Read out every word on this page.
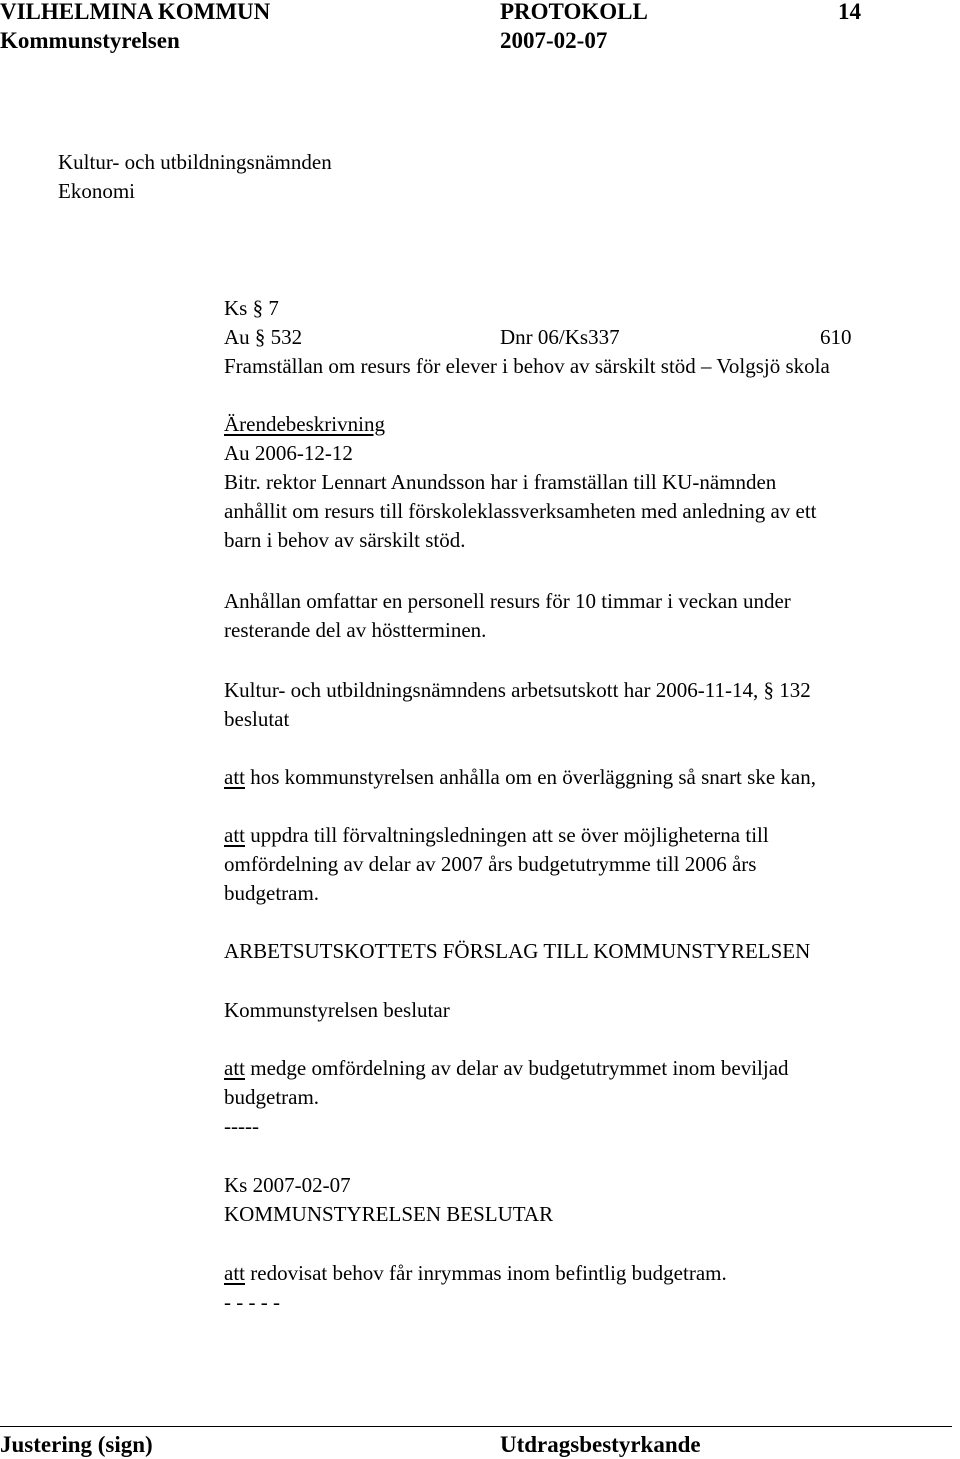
VILHELMINA KOMMUN	PROTOKOLL	14
Kommunstyrelsen	2007-02-07
Kultur- och utbildningsnämnden
Ekonomi
Ks § 7
Au § 532	Dnr 06/Ks337	610
Framställan om resurs för elever i behov av särskilt stöd – Volgsjö skola
Ärendebeskrivning
Au 2006-12-12
Bitr. rektor Lennart Anundsson har i framställan till KU-nämnden
anhållit om resurs till förskoleklassverksamheten med anledning av ett
barn i behov av särskilt stöd.
Anhållan omfattar en personell resurs för 10 timmar i veckan under
resterande del av höstterminen.
Kultur- och utbildningsnämndens arbetsutskott har 2006-11-14, § 132
beslutat
att hos kommunstyrelsen anhålla om en överläggning så snart ske kan,
att uppdra till förvaltningsledningen att se över möjligheterna till
omfördelning av delar av 2007 års budgetutrymme till 2006 års
budgetram.
ARBETSUTSKOTTETS FÖRSLAG TILL KOMMUNSTYRELSEN
Kommunstyrelsen beslutar
att medge omfördelning av delar av budgetutrymmet inom beviljad
budgetram.
-----
Ks 2007-02-07
KOMMUNSTYRELSEN BESLUTAR
att redovisat behov får inrymmas inom befintlig budgetram.
- - - - -
Justering (sign)	Utdragsbestyrkande
